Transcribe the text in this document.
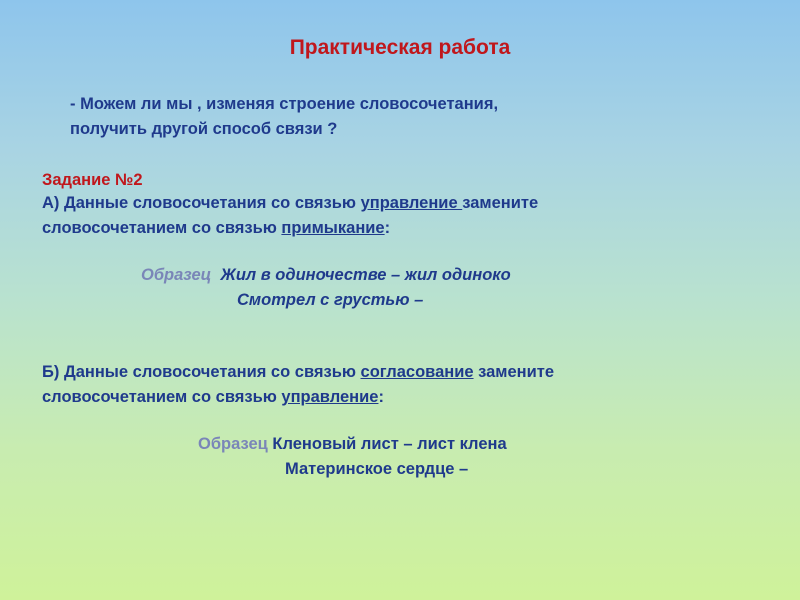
Практическая работа
- Можем ли мы , изменяя строение словосочетания,
получить другой способ связи ?
Задание №2
А) Данные словосочетания со связью управление замените
словосочетанием со связью примыкание:
Образец Жил в одиночестве – жил одиноко
Смотрел с грустью –
Б) Данные словосочетания со связью согласование замените
словосочетанием со связью управление:
Образец Кленовый лист – лист клена
Материнское сердце –
